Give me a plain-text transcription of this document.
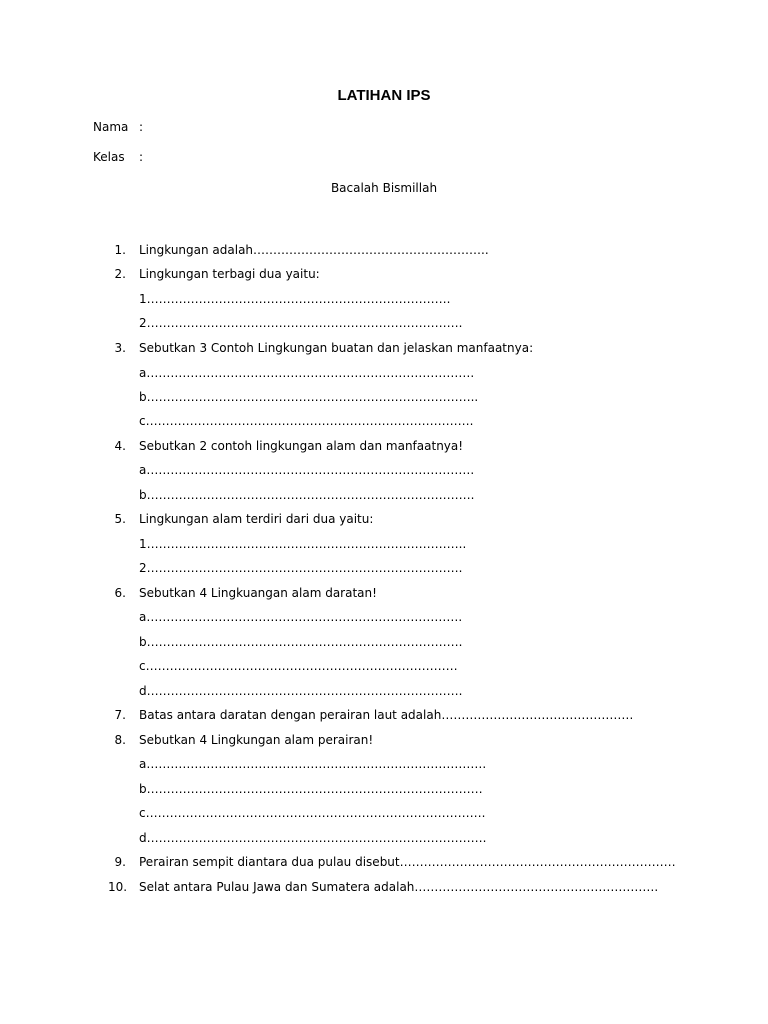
LATIHAN IPS
Nama :
Kelas :
Bacalah Bismillah
1. Lingkungan adalah…………………………………………………..
2. Lingkungan terbagi dua yaitu:
1………………………………………………………………….
2…………………………………………………………………….
3. Sebutkan 3 Contoh Lingkungan buatan dan jelaskan manfaatnya:
a……………………………………………………………………….
b………………………………………………………………………..
c……………………………………………………………………….
4. Sebutkan 2 contoh lingkungan alam dan manfaatnya!
a……………………………………………………………………….
b……………………………………………………………………….
5. Lingkungan alam terdiri dari dua yaitu:
1……………………………………………………………………..
2…………………………………………………………………….
6. Sebutkan 4 Lingkuangan alam daratan!
a…………………………………………………………………….
b…………………………………………………………………….
c……………………………………………………………………
d…………………………………………………………………….
7. Batas antara daratan dengan perairan laut adalah…………………………………………
8. Sebutkan 4 Lingkungan alam perairan!
a………………………………………………………………………….
b…………………………………………………………………………
c………………………………………………………………………….
d………………………………………………………………………….
9. Perairan sempit diantara dua pulau disebut……………………………………………………………
10. Selat antara Pulau Jawa dan Sumatera adalah…………………………………………………….
